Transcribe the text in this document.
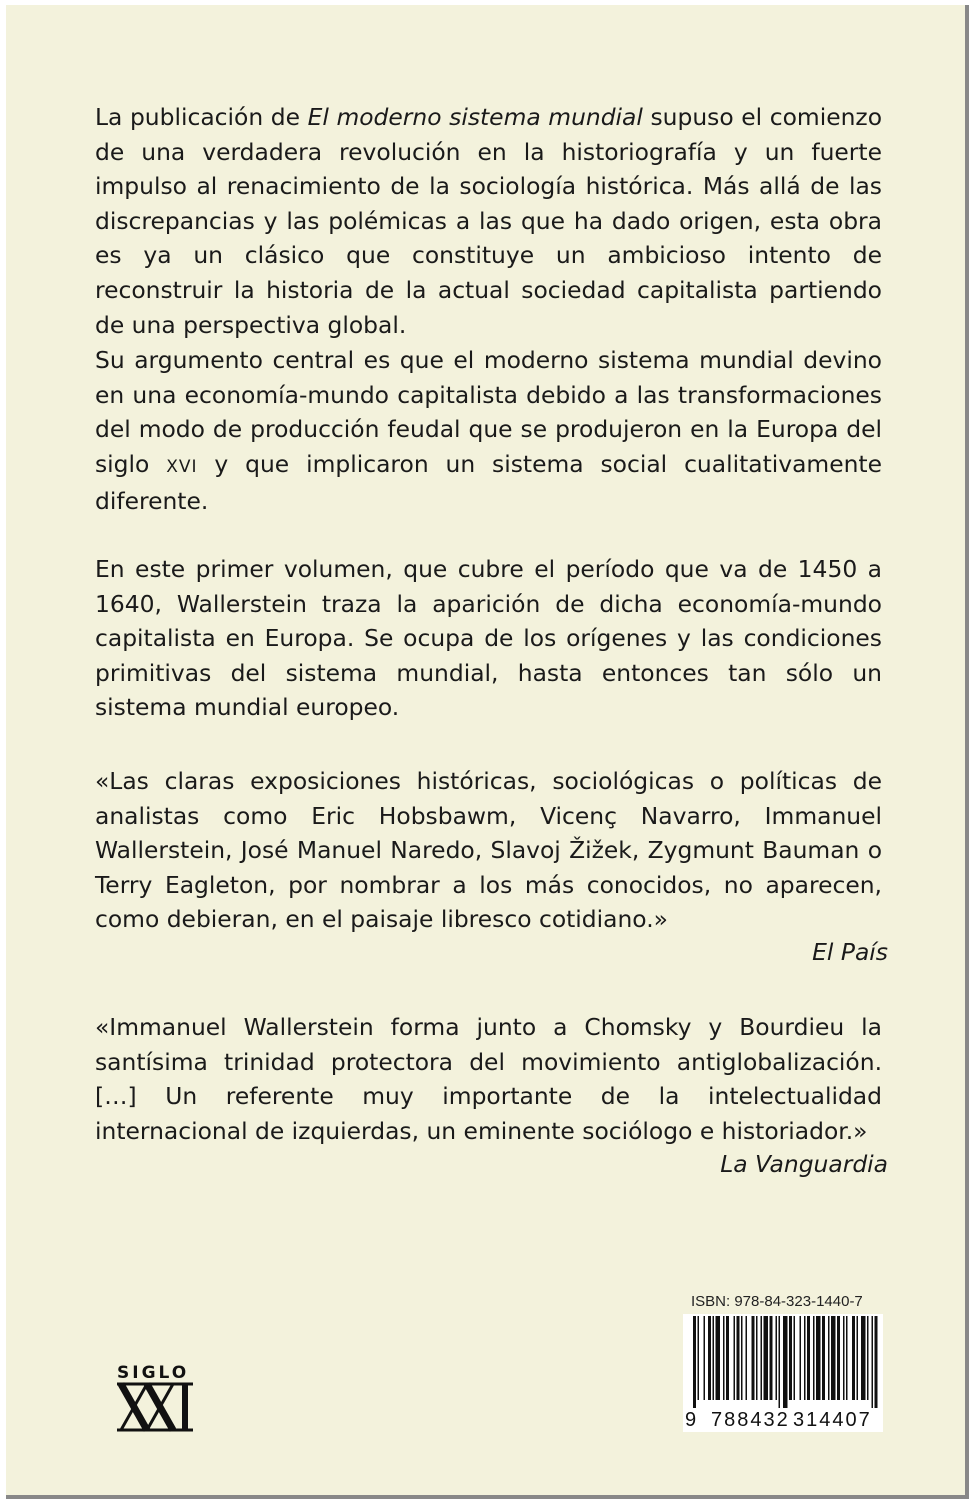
La publicación de El moderno sistema mundial supuso el comienzo de una verdadera revolución en la historiografía y un fuerte impulso al renacimiento de la sociología histórica. Más allá de las discrepancias y las polémicas a las que ha dado origen, esta obra es ya un clásico que constituye un ambicioso intento de reconstruir la historia de la actual sociedad capitalista partiendo de una perspectiva global.

Su argumento central es que el moderno sistema mundial devino en una economía-mundo capitalista debido a las transformaciones del modo de producción feudal que se produjeron en la Europa del siglo XVI y que implicaron un sistema social cualitativamente diferente.

En este primer volumen, que cubre el período que va de 1450 a 1640, Wallerstein traza la aparición de dicha economía-mundo capitalista en Europa. Se ocupa de los orígenes y las condiciones primitivas del sistema mundial, hasta entonces tan sólo un sistema mundial europeo.

«Las claras exposiciones históricas, sociológicas o políticas de analistas como Eric Hobsbawm, Vicenç Navarro, Immanuel Wallerstein, José Manuel Naredo, Slavoj Žižek, Zygmunt Bauman o Terry Eagleton, por nombrar a los más conocidos, no aparecen, como debieran, en el paisaje libresco cotidiano.»

El País

«Immanuel Wallerstein forma junto a Chomsky y Bourdieu la santísima trinidad protectora del movimiento antiglobalización. […] Un referente muy importante de la intelectualidad internacional de izquierdas, un eminente sociólogo e historiador.»

La Vanguardia

ISBN: 978-84-323-1440-7
9 788432 314407
SIGLO
